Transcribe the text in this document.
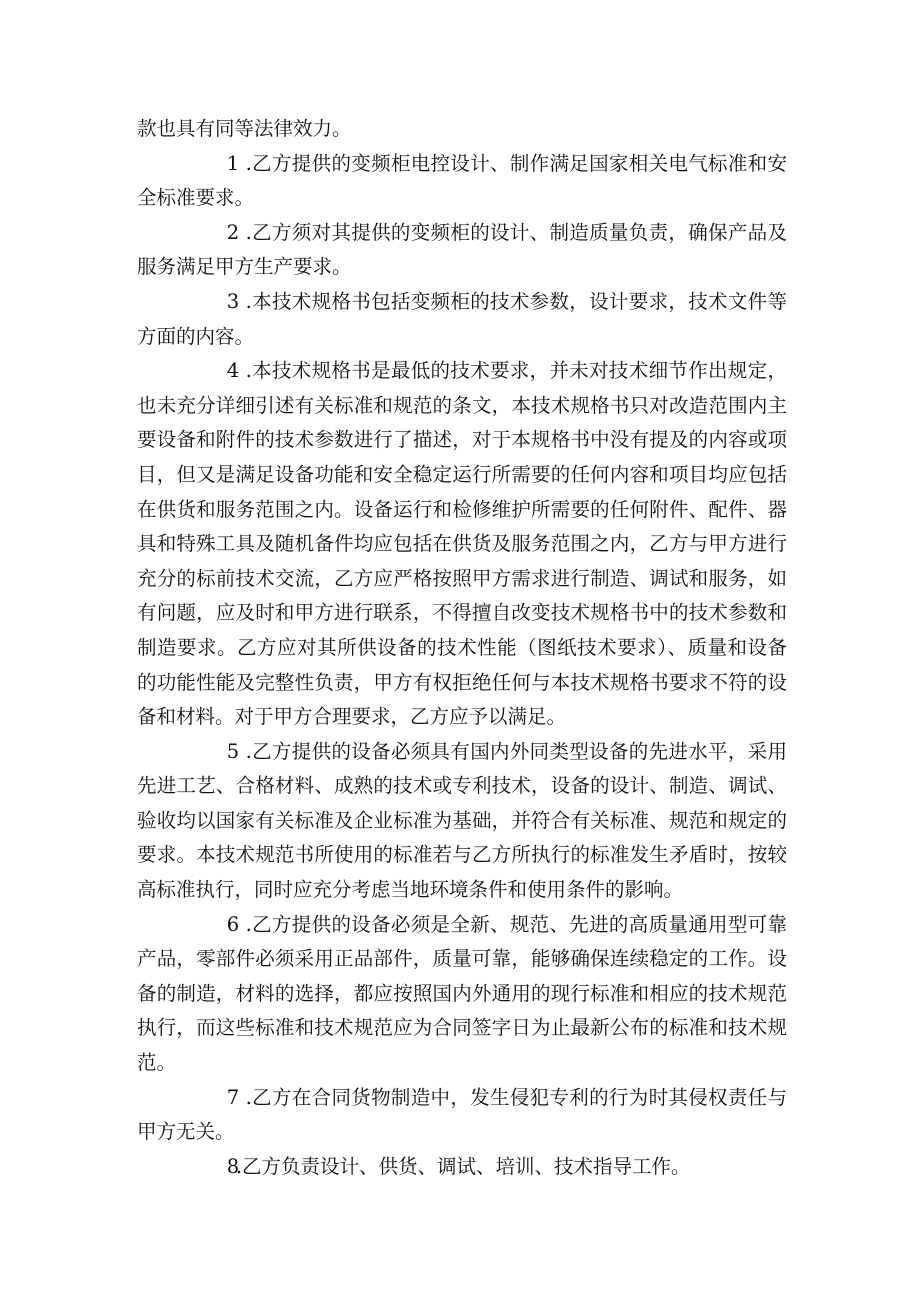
款也具有同等法律效力。

1 .乙方提供的变频柜电控设计、制作满足国家相关电气标准和安全标准要求。

2 .乙方须对其提供的变频柜的设计、制造质量负责，确保产品及服务满足甲方生产要求。

3 .本技术规格书包括变频柜的技术参数，设计要求，技术文件等方面的内容。

4 .本技术规格书是最低的技术要求，并未对技术细节作出规定，也未充分详细引述有关标准和规范的条文，本技术规格书只对改造范围内主要设备和附件的技术参数进行了描述，对于本规格书中没有提及的内容或项目，但又是满足设备功能和安全稳定运行所需要的任何内容和项目均应包括在供货和服务范围之内。设备运行和检修维护所需要的任何附件、配件、器具和特殊工具及随机备件均应包括在供货及服务范围之内，乙方与甲方进行充分的标前技术交流，乙方应严格按照甲方需求进行制造、调试和服务，如有问题，应及时和甲方进行联系，不得擅自改变技术规格书中的技术参数和制造要求。乙方应对其所供设备的技术性能（图纸技术要求）、质量和设备的功能性能及完整性负责，甲方有权拒绝任何与本技术规格书要求不符的设备和材料。对于甲方合理要求，乙方应予以满足。

5 .乙方提供的设备必须具有国内外同类型设备的先进水平，采用先进工艺、合格材料、成熟的技术或专利技术，设备的设计、制造、调试、验收均以国家有关标准及企业标准为基础，并符合有关标准、规范和规定的要求。本技术规范书所使用的标准若与乙方所执行的标准发生矛盾时，按较高标准执行，同时应充分考虑当地环境条件和使用条件的影响。

6 .乙方提供的设备必须是全新、规范、先进的高质量通用型可靠产品，零部件必须采用正品部件，质量可靠，能够确保连续稳定的工作。设备的制造，材料的选择，都应按照国内外通用的现行标准和相应的技术规范执行，而这些标准和技术规范应为合同签字日为止最新公布的标准和技术规范。

7 .乙方在合同货物制造中，发生侵犯专利的行为时其侵权责任与甲方无关。

8.乙方负责设计、供货、调试、培训、技术指导工作。
